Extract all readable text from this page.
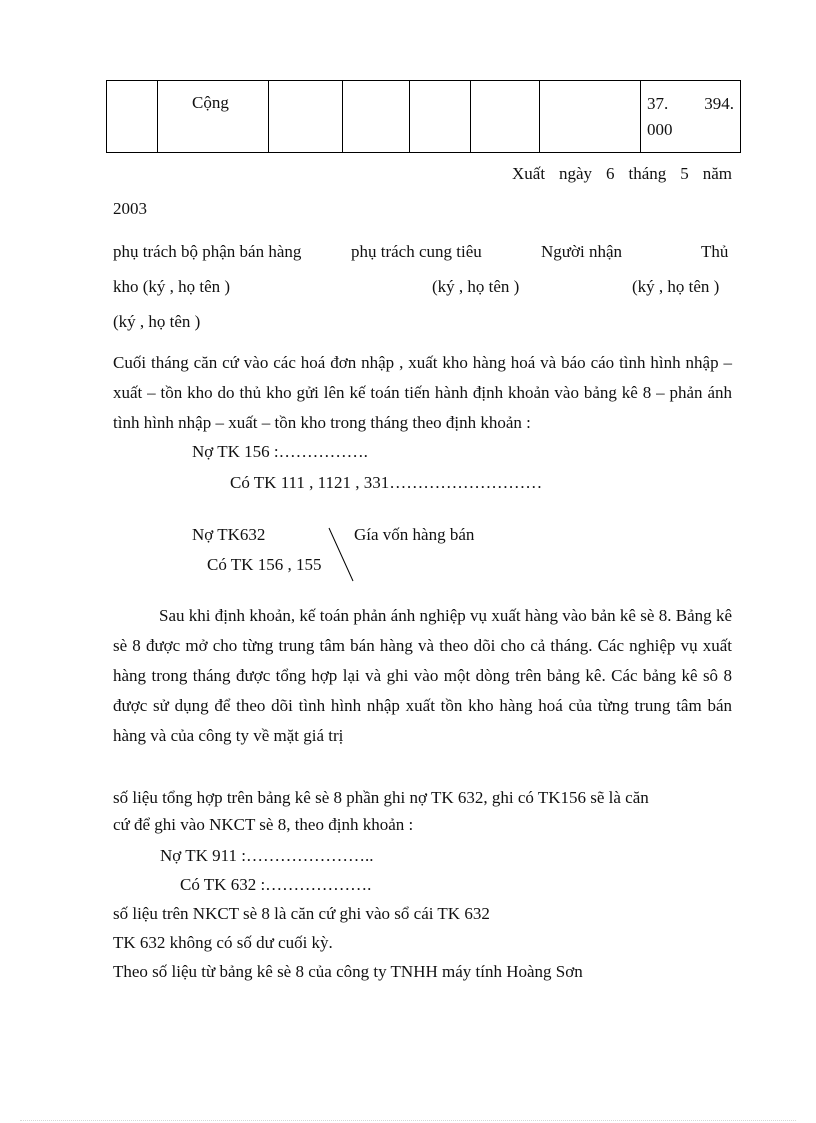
Cộng						37. 394.
000
Xuất ngày 6 tháng 5 năm
2003
phụ trách bộ phận bán hàng	phụ trách cung tiêu	Người nhận	Thủ
kho (ký , họ tên )	(ký , họ tên )	(ký , họ tên )
(ký , họ tên )
Cuối tháng căn cứ vào các hoá đơn nhập , xuất kho hàng hoá và báo cáo tình hình nhập –xuất – tồn kho do thủ kho gửi lên kế toán tiến hành định khoản vào bảng kê 8 – phản ánh tình hình nhập – xuất – tồn kho trong tháng theo định khoản :
Nợ TK 156 :…………….
Có TK 111 , 1121 , 331………………………
Nợ TK632
Có TK 156 , 155
Gía vốn hàng bán
Sau khi định khoản, kế toán phản ánh nghiệp vụ xuất hàng vào bản kê sè 8. Bảng kê sè 8 được mở cho từng trung tâm bán hàng và theo dõi cho cả tháng. Các nghiệp vụ xuất hàng trong tháng được tổng hợp lại và ghi vào một dòng trên bảng kê. Các bảng kê sô 8 được sử dụng để theo dõi tình hình nhập xuất tồn kho hàng hoá của từng trung tâm bán hàng và của công ty về mặt giá trị
số liệu tổng hợp trên bảng kê sè 8 phần ghi nợ TK 632, ghi có TK156 sẽ là căn
cứ để ghi vào NKCT sè 8, theo định khoản :
Nợ TK 911 :…………………..
Có TK 632 :……………….
số liệu trên NKCT sè 8 là căn cứ ghi vào sổ cái TK 632
TK 632 không có số dư cuối kỳ.
Theo số liệu từ bảng kê sè 8 của công ty TNHH máy tính Hoàng Sơn
